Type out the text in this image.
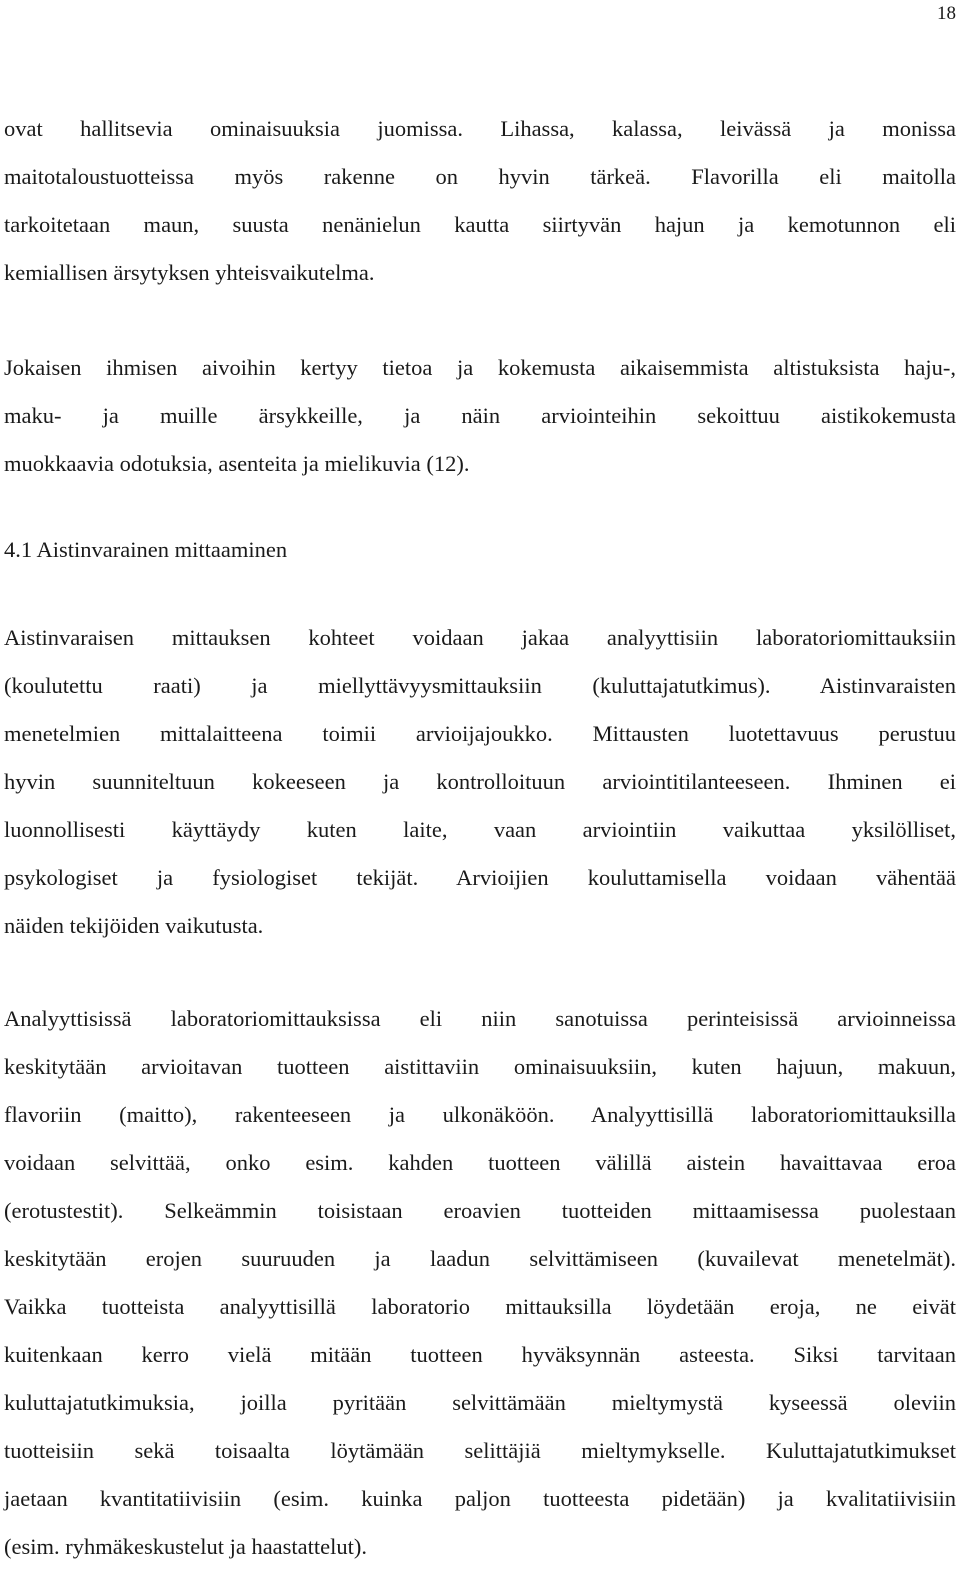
18
ovat hallitsevia ominaisuuksia juomissa. Lihassa, kalassa, leivässä ja monissa
maitotaloustuotteissa myös rakenne on hyvin tärkeä. Flavorilla eli maitolla
tarkoitetaan maun, suusta nenänielun kautta siirtyvän hajun ja kemotunnon eli
kemiallisen ärsytyksen yhteisvaikutelma.
Jokaisen ihmisen aivoihin kertyy tietoa ja kokemusta aikaisemmista altistuksista haju-,
maku- ja muille ärsykkeille, ja näin arviointeihin sekoittuu aistikokemusta
muokkaavia odotuksia, asenteita ja mielikuvia (12).
4.1 Aistinvarainen mittaaminen
Aistinvaraisen mittauksen kohteet voidaan jakaa analyyttisiin laboratoriomittauksiin
(koulutettu raati) ja miellyttävyysmittauksiin (kuluttajatutkimus). Aistinvaraisten
menetelmien mittalaitteena toimii arvioijajoukko. Mittausten luotettavuus perustuu
hyvin suunniteltuun kokeeseen ja kontrolloituun arviointitilanteeseen. Ihminen ei
luonnollisesti käyttäydy kuten laite, vaan arviointiin vaikuttaa yksilölliset,
psykologiset ja fysiologiset tekijät. Arvioijien kouluttamisella voidaan vähentää
näiden tekijöiden vaikutusta.
Analyyttisissä laboratoriomittauksissa eli niin sanotuissa perinteisissä arvioinneissa
keskitytään arvioitavan tuotteen aistittaviin ominaisuuksiin, kuten hajuun, makuun,
flavoriin (maitto), rakenteeseen ja ulkonäköön. Analyyttisillä laboratoriomittauksilla
voidaan selvittää, onko esim. kahden tuotteen välillä aistein havaittavaa eroa
(erotustestit). Selkeämmin toisistaan eroavien tuotteiden mittaamisessa puolestaan
keskitytään erojen suuruuden ja laadun selvittämiseen (kuvailevat menetelmät).
Vaikka tuotteista analyyttisillä laboratorio mittauksilla löydetään eroja, ne eivät
kuitenkaan kerro vielä mitään tuotteen hyväksynnän asteesta. Siksi tarvitaan
kuluttajatutkimuksia, joilla pyritään selvittämään mieltymystä kyseessä oleviin
tuotteisiin sekä toisaalta löytämään selittäjiä mieltymykselle. Kuluttajatutkimukset
jaetaan kvantitatiivisiin (esim. kuinka paljon tuotteesta pidetään) ja kvalitatiivisiin
(esim. ryhmäkeskustelut ja haastattelut).
